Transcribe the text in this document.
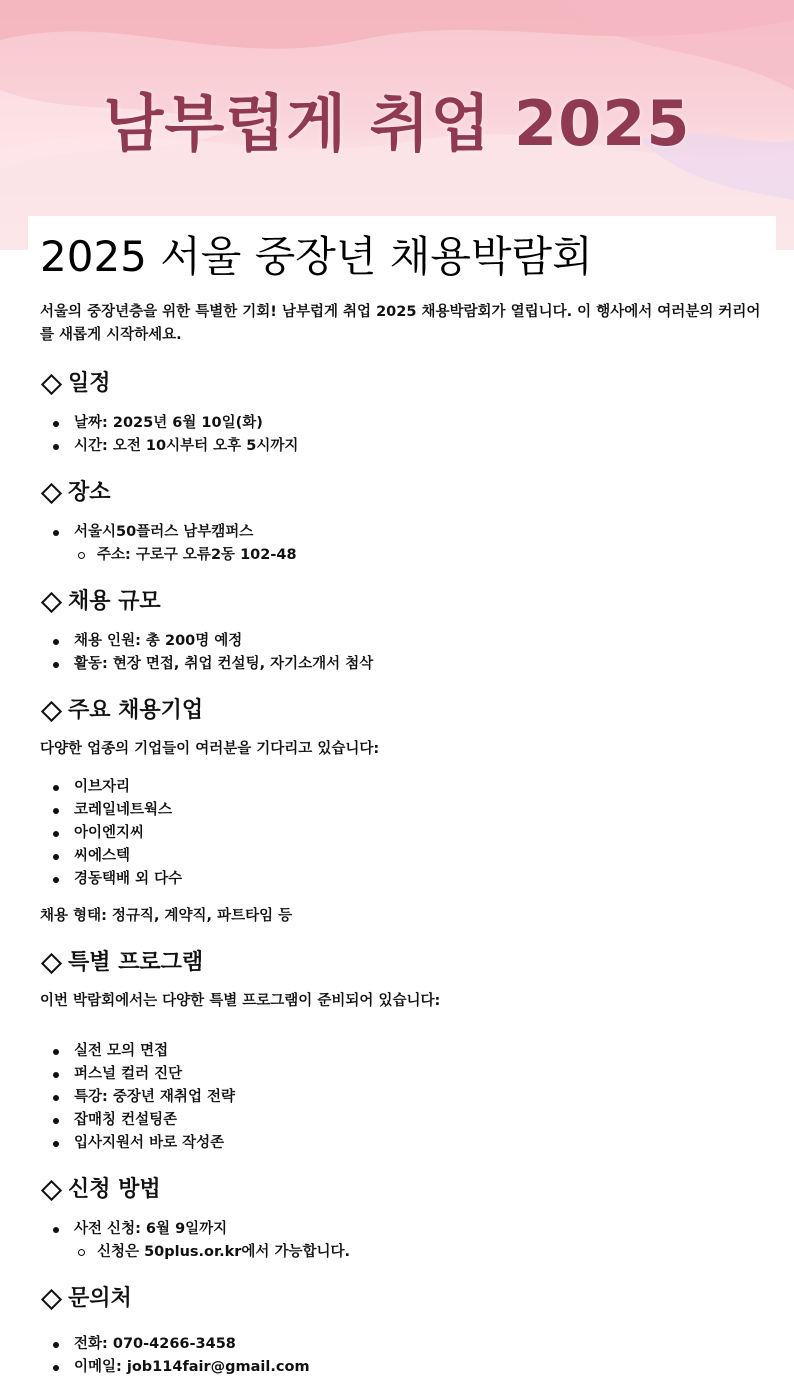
남부럽게 취업 2025
2025 서울 중장년 채용박람회

서울의 중장년층을 위한 특별한 기회! 남부럽게 취업 2025 채용박람회가 열립니다. 이 행사에서 여러분의 커리어를 새롭게 시작하세요.

일정
날짜: 2025년 6월 10일(화)
시간: 오전 10시부터 오후 5시까지
장소
서울시50플러스 남부캠퍼스
주소: 구로구 오류2동 102-48
채용 규모
채용 인원: 총 200명 예정
활동: 현장 면접, 취업 컨설팅, 자기소개서 첨삭
주요 채용기업

다양한 업종의 기업들이 여러분을 기다리고 있습니다:

이브자리
코레일네트웍스
아이엔지씨
씨에스텍
경동택배 외 다수

채용 형태: 정규직, 계약직, 파트타임 등

특별 프로그램

이번 박람회에서는 다양한 특별 프로그램이 준비되어 있습니다:

실전 모의 면접
퍼스널 컬러 진단
특강: 중장년 재취업 전략
잡매칭 컨설팅존
입사지원서 바로 작성존
신청 방법
사전 신청: 6월 9일까지
신청은 50plus.or.kr에서 가능합니다.
문의처
전화: 070-4266-3458
이메일: job114fair@gmail.com
